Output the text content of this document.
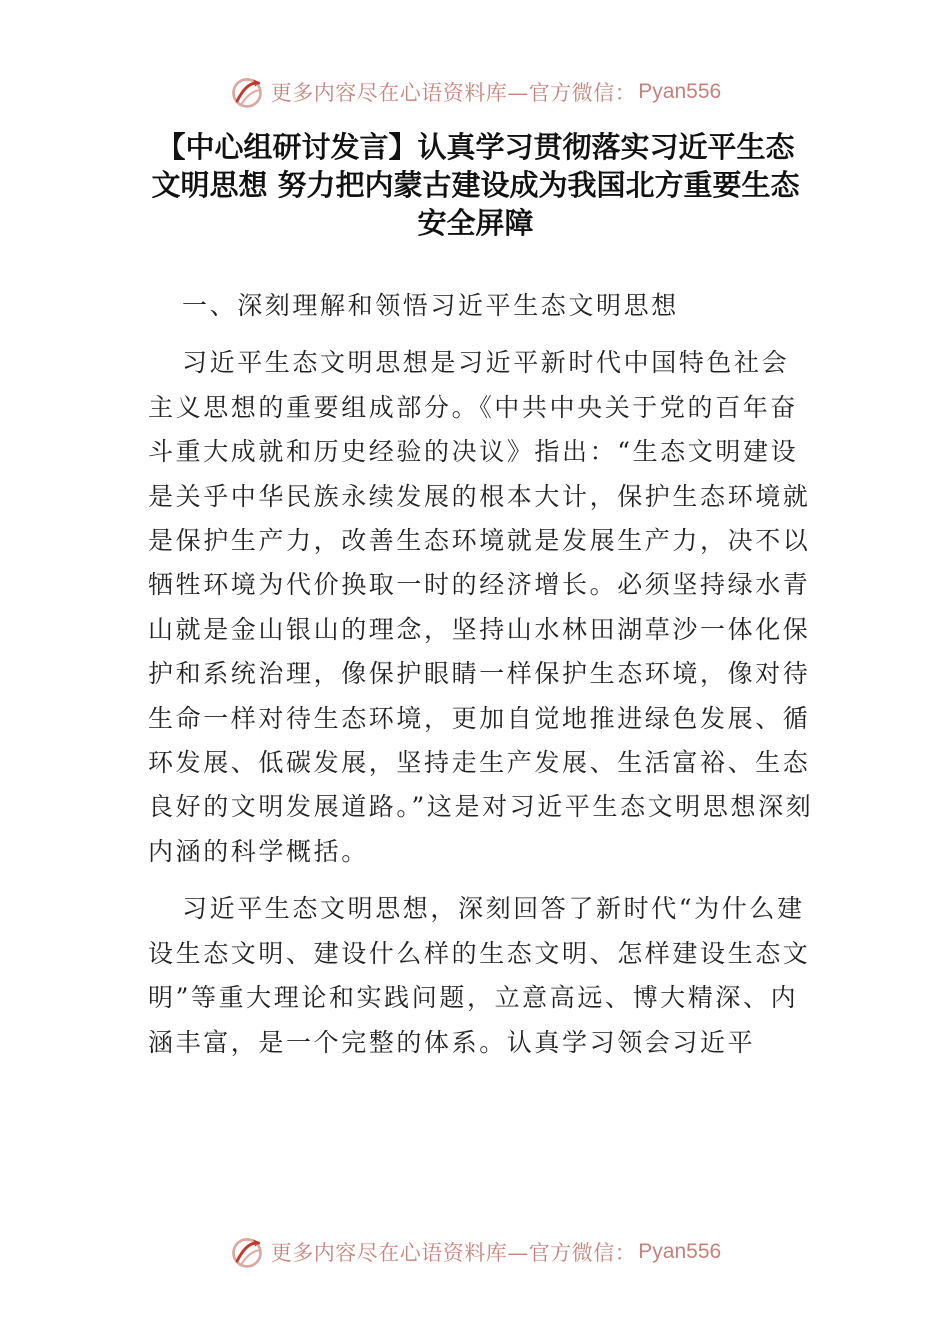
更多内容尽在心语资料库—官方微信： Pyan556
【中心组研讨发言】认真学习贯彻落实习近平生态文明思想 努力把内蒙古建设成为我国北方重要生态安全屏障

一、深刻理解和领悟习近平生态文明思想

习近平生态文明思想是习近平新时代中国特色社会主义思想的重要组成部分。《中共中央关于党的百年奋斗重大成就和历史经验的决议》指出：“生态文明建设是关乎中华民族永续发展的根本大计，保护生态环境就是保护生产力，改善生态环境就是发展生产力，决不以牺牲环境为代价换取一时的经济增长。必须坚持绿水青山就是金山银山的理念，坚持山水林田湖草沙一体化保护和系统治理，像保护眼睛一样保护生态环境，像对待生命一样对待生态环境，更加自觉地推进绿色发展、循环发展、低碳发展，坚持走生产发展、生活富裕、生态良好的文明发展道路。”这是对习近平生态文明思想深刻内涵的科学概括。

习近平生态文明思想，深刻回答了新时代“为什么建设生态文明、建设什么样的生态文明、怎样建设生态文明”等重大理论和实践问题，立意高远、博大精深、内涵丰富，是一个完整的体系。认真学习领会习近平

更多内容尽在心语资料库—官方微信： Pyan556
